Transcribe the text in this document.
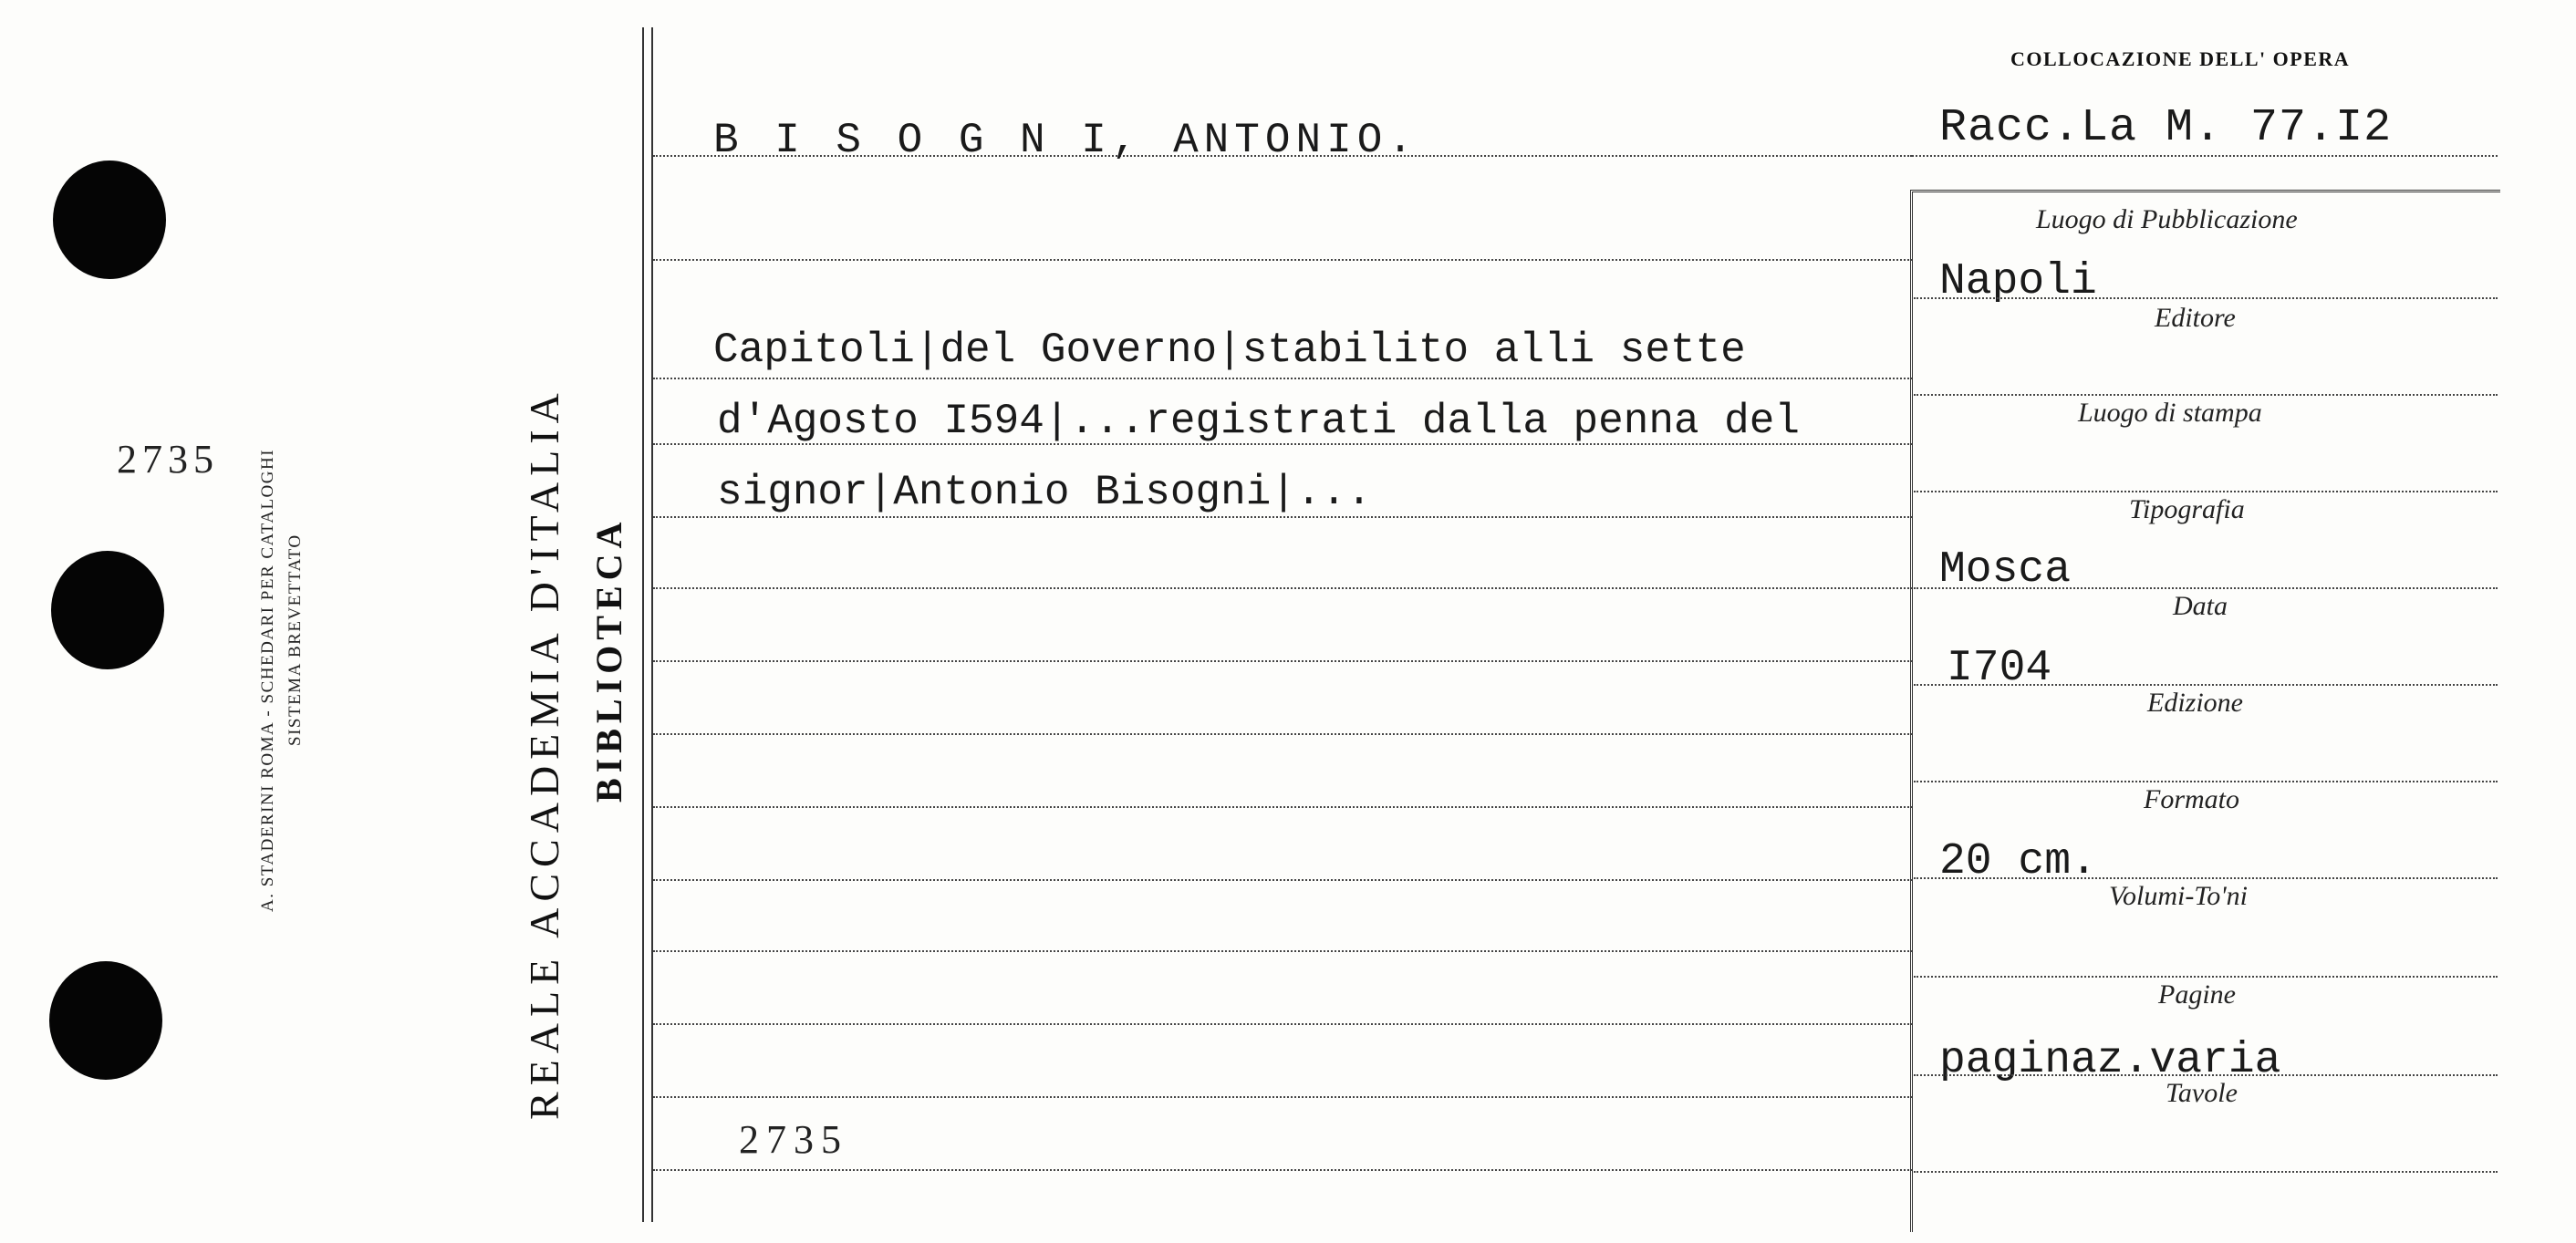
A. STADERINI ROMA - SCHEDARI PER CATALOGHI SISTEMA BREVETTATO
2735	REALE ACCADEMIA D'ITALIA BIBLIOTECA
B I S O G N I, ANTONIO.
Capitoli|del Governo|stabilito alli sette
d'Agosto I594|...registrati dalla penna del
signor|Antonio Bisogni|...
2735
COLLOCAZIONE DELL' OPERA
Racc.La M. 77.I2
Luogo di Pubblicazione
Napoli
Editore
Luogo di stampa
Tipografia
Mosca
Data
I704
Edizione
Formato
20 cm.
Volumi-To'ni
Pagine
paginaz.varia
Tavole
